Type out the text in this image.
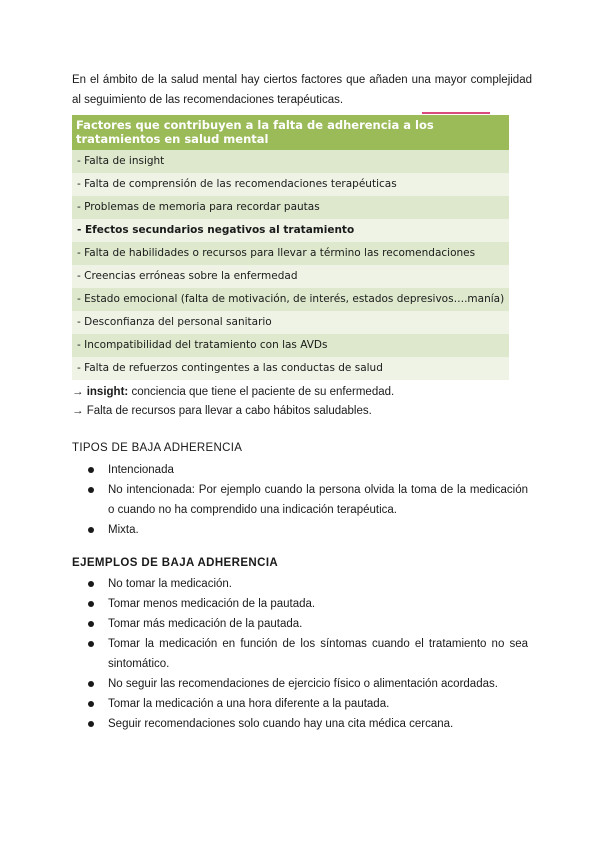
En el ámbito de la salud mental hay ciertos factores que añaden una mayor complejidad al seguimiento de las recomendaciones terapéuticas.

Factores que contribuyen a la falta de adherencia a los tratamientos en salud mental
- Falta de insight
- Falta de comprensión de las recomendaciones terapéuticas
- Problemas de memoria para recordar pautas
- Efectos secundarios negativos al tratamiento
- Falta de habilidades o recursos para llevar a término las recomendaciones
- Creencias erróneas sobre la enfermedad
- Estado emocional (falta de motivación, de interés, estados depresivos….manía)
- Desconfianza del personal sanitario
- Incompatibilidad del tratamiento con las AVDs
- Falta de refuerzos contingentes a las conductas de salud
→ insight: conciencia que tiene el paciente de su enfermedad.
→ Falta de recursos para llevar a cabo hábitos saludables.
TIPOS DE BAJA ADHERENCIA
Intencionada
No intencionada: Por ejemplo cuando la persona olvida la toma de la medicación o cuando no ha comprendido una indicación terapéutica.
Mixta.
EJEMPLOS DE BAJA ADHERENCIA
No tomar la medicación.
Tomar menos medicación de la pautada.
Tomar más medicación de la pautada.
Tomar la medicación en función de los síntomas cuando el tratamiento no sea sintomático.
No seguir las recomendaciones de ejercicio físico o alimentación acordadas.
Tomar la medicación a una hora diferente a la pautada.
Seguir recomendaciones solo cuando hay una cita médica cercana.
